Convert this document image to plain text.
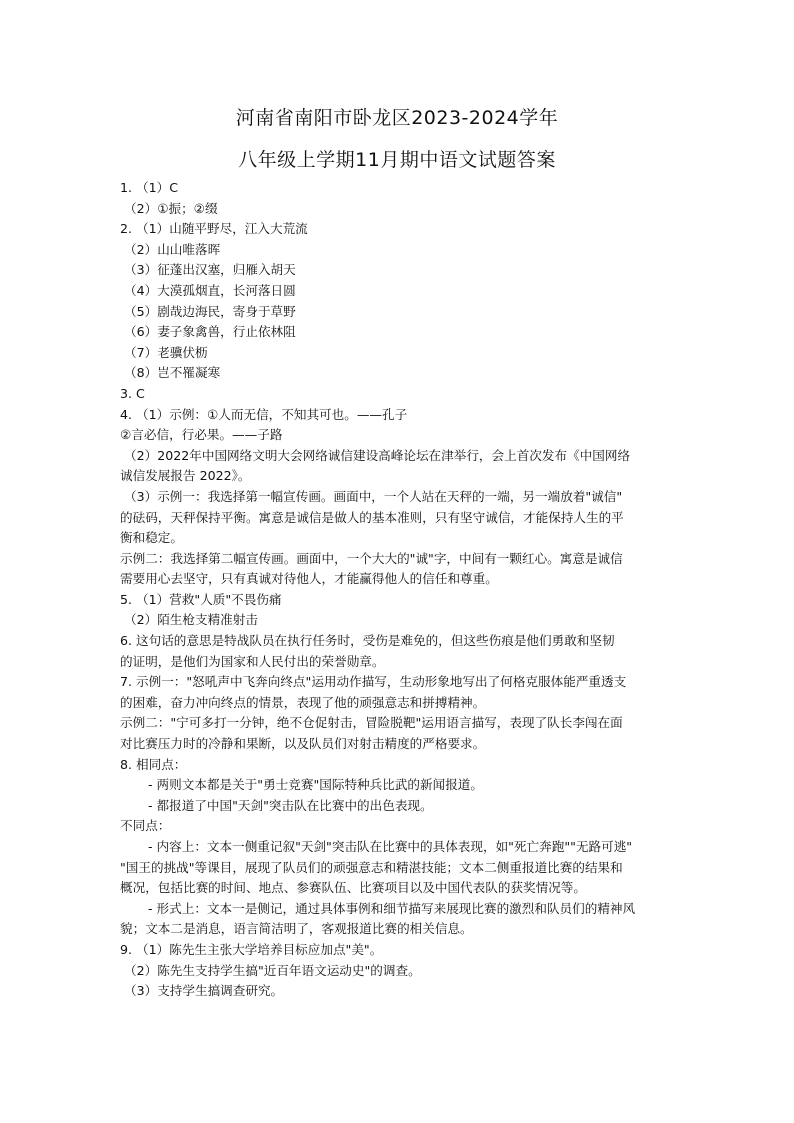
河南省南阳市卧龙区2023-2024学年
八年级上学期11月期中语文试题答案
1. （1）C
（2）①振；②缀
2. （1）山随平野尽，江入大荒流
（2）山山唯落晖
（3）征蓬出汉塞，归雁入胡天
（4）大漠孤烟直，长河落日圆
（5）剧哉边海民，寄身于草野
（6）妻子象禽兽，行止依林阻
（7）老骥伏枥
（8）岂不罹凝寒
3. C
4. （1）示例：①人而无信，不知其可也。——孔子
②言必信，行必果。——子路
（2）2022年中国网络文明大会网络诚信建设高峰论坛在津举行，会上首次发布《中国网络
诚信发展报告 2022》。
（3）示例一：我选择第一幅宣传画。画面中，一个人站在天秤的一端，另一端放着"诚信"
的砝码，天秤保持平衡。寓意是诚信是做人的基本准则，只有坚守诚信，才能保持人生的平
衡和稳定。
示例二：我选择第二幅宣传画。画面中，一个大大的"诚"字，中间有一颗红心。寓意是诚信
需要用心去坚守，只有真诚对待他人，才能赢得他人的信任和尊重。
5. （1）营救"人质"不畏伤痛
（2）陌生枪支精准射击
6. 这句话的意思是特战队员在执行任务时，受伤是难免的，但这些伤痕是他们勇敢和坚韧
的证明，是他们为国家和人民付出的荣誉勋章。
7. 示例一："怒吼声中飞奔向终点"运用动作描写，生动形象地写出了何格克服体能严重透支
的困难，奋力冲向终点的情景，表现了他的顽强意志和拼搏精神。
示例二："宁可多打一分钟，绝不仓促射击，冒险脱靶"运用语言描写，表现了队长李闯在面
对比赛压力时的冷静和果断，以及队员们对射击精度的严格要求。
8. 相同点：
- 两则文本都是关于"勇士竞赛"国际特种兵比武的新闻报道。
- 都报道了中国"天剑"突击队在比赛中的出色表现。
不同点：
- 内容上：文本一侧重记叙"天剑"突击队在比赛中的具体表现，如"死亡奔跑""无路可逃"
"国王的挑战"等课目，展现了队员们的顽强意志和精湛技能；文本二侧重报道比赛的结果和
概况，包括比赛的时间、地点、参赛队伍、比赛项目以及中国代表队的获奖情况等。
- 形式上：文本一是侧记，通过具体事例和细节描写来展现比赛的激烈和队员们的精神风
貌；文本二是消息，语言简洁明了，客观报道比赛的相关信息。
9. （1）陈先生主张大学培养目标应加点"美"。
（2）陈先生支持学生搞"近百年语文运动史"的调查。
（3）支持学生搞调查研究。
